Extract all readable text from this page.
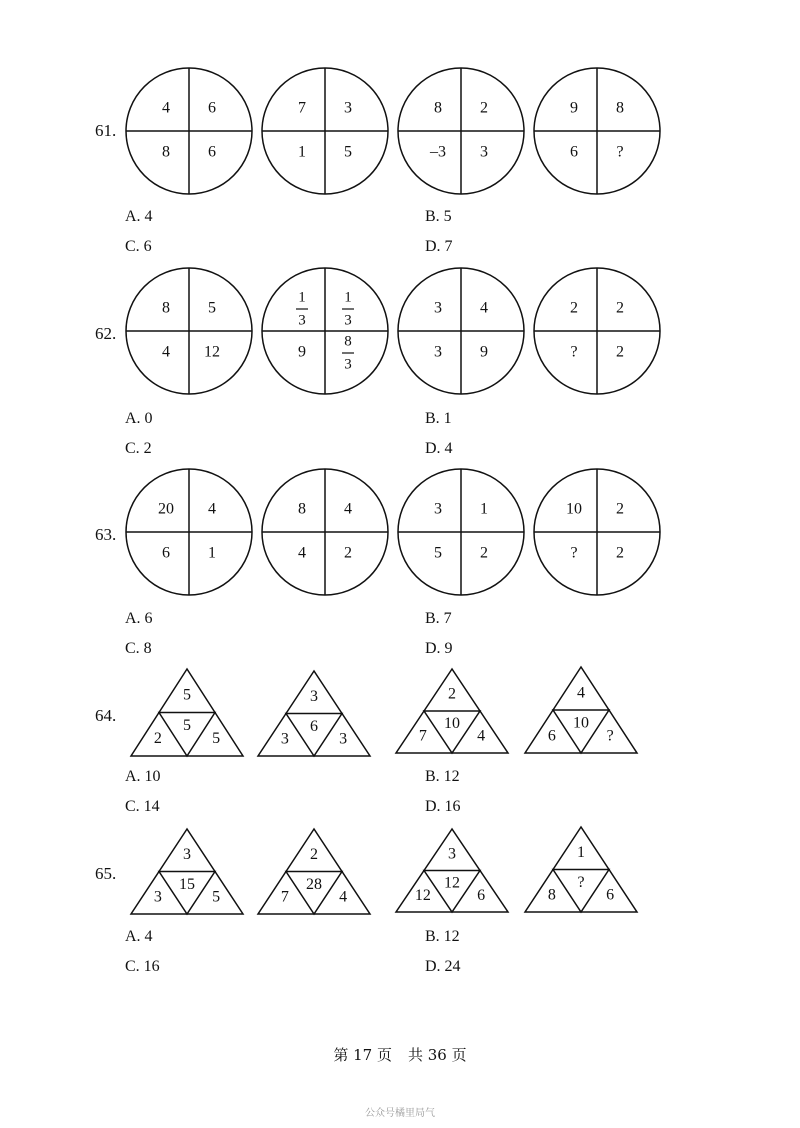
4 6
8 6
7 3
1 5
8 2
–3 3
9 8
6 ?
8 5
4 12
1
3
1
3
9
8
3
3 4
3 9
2 2
? 2
20 4
6 1
8 4
4 2
3 1
5 2
10 2
? 2
5
5
2	5
3
6
3	3
2
10
7	4
4
10
6	?
3
15
3	5
2
28
7	4
3
12
12	6
1
?
8	6
第 17 页 共 36 页
公众号橘里局气
61.
A. 4	B. 5
C. 6	D. 7
62.
A. 0	B. 1
C. 2	D. 4
63.
A. 6	B. 7
C. 8	D. 9
64.
A. 10	B. 12
C. 14	D. 16
65.
A. 4	B. 12
C. 16	D. 24
